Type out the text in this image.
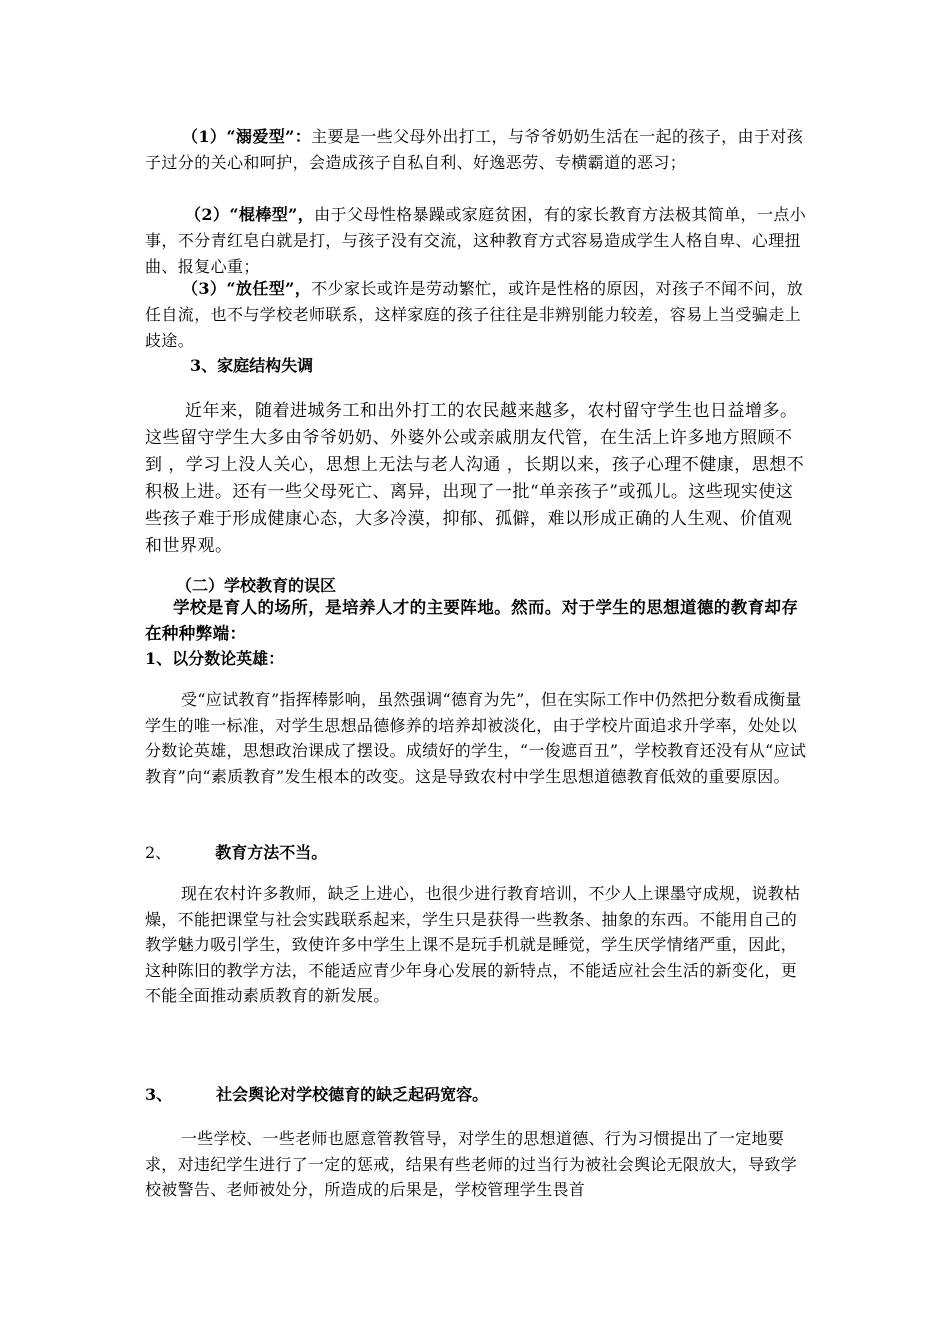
（1）“溺爱型”：主要是一些父母外出打工，与爷爷奶奶生活在一起的孩子，由于对孩子过分的关心和呵护，会造成孩子自私自利、好逸恶劳、专横霸道的恶习；

（2）“棍棒型”，由于父母性格暴躁或家庭贫困，有的家长教育方法极其简单，一点小事，不分青红皂白就是打，与孩子没有交流，这种教育方式容易造成学生人格自卑、心理扭曲、报复心重；

（3）“放任型”，不少家长或许是劳动繁忙，或许是性格的原因，对孩子不闻不问，放任自流，也不与学校老师联系，这样家庭的孩子往往是非辨别能力较差，容易上当受骗走上歧途。

3、家庭结构失调

近年来，随着进城务工和出外打工的农民越来越多，农村留守学生也日益增多。这些留守学生大多由爷爷奶奶、外婆外公或亲戚朋友代管，在生活上许多地方照顾不到 ，学习上没人关心，思想上无法与老人沟通 ，长期以来，孩子心理不健康，思想不积极上进。还有一些父母死亡、离异，出现了一批“单亲孩子”或孤儿。这些现实使这些孩子难于形成健康心态，大多冷漠，抑郁、孤僻，难以形成正确的人生观、价值观和世界观。

（二）学校教育的误区

学校是育人的场所，是培养人才的主要阵地。然而。对于学生的思想道德的教育却存在种种弊端：

1、以分数论英雄：

受“应试教育”指挥棒影响，虽然强调“德育为先”，但在实际工作中仍然把分数看成衡量学生的唯一标准，对学生思想品德修养的培养却被淡化，由于学校片面追求升学率，处处以分数论英雄，思想政治课成了摆设。成绩好的学生，“一俊遮百丑”，学校教育还没有从“应试教育”向“素质教育”发生根本的改变。这是导致农村中学生思想道德教育低效的重要原因。

2、	教育方法不当。

现在农村许多教师，缺乏上进心，也很少进行教育培训，不少人上课墨守成规，说教枯燥，不能把课堂与社会实践联系起来，学生只是获得一些教条、抽象的东西。不能用自己的教学魅力吸引学生，致使许多中学生上课不是玩手机就是睡觉，学生厌学情绪严重，因此，这种陈旧的教学方法，不能适应青少年身心发展的新特点，不能适应社会生活的新变化，更不能全面推动素质教育的新发展。

3、	社会舆论对学校德育的缺乏起码宽容。

一些学校、一些老师也愿意管教管导，对学生的思想道德、行为习惯提出了一定地要求，对违纪学生进行了一定的惩戒，结果有些老师的过当行为被社会舆论无限放大，导致学校被警告、老师被处分，所造成的后果是，学校管理学生畏首
